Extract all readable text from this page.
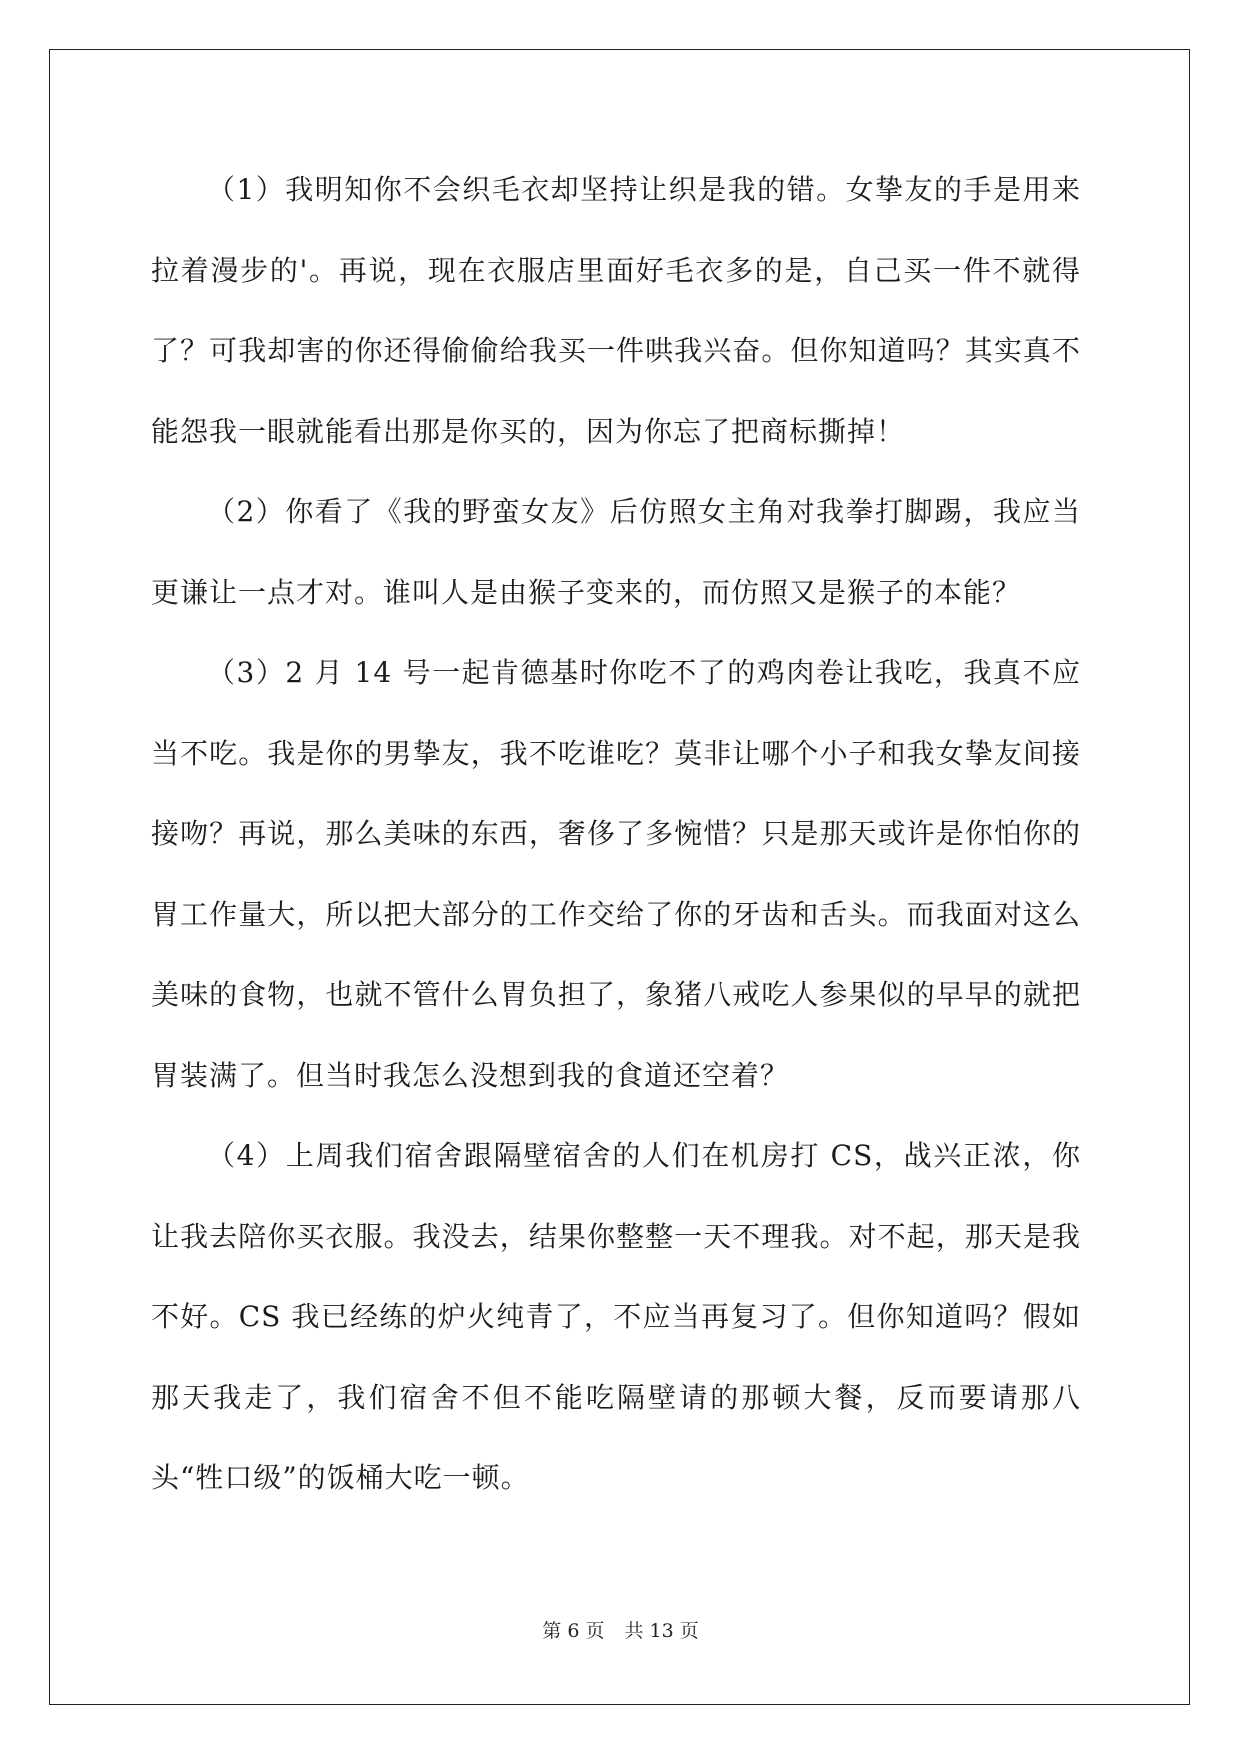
（1）我明知你不会织毛衣却坚持让织是我的错。女挚友的手是用来拉着漫步的'。再说，现在衣服店里面好毛衣多的是，自己买一件不就得了？可我却害的你还得偷偷给我买一件哄我兴奋。但你知道吗？其实真不能怨我一眼就能看出那是你买的，因为你忘了把商标撕掉！

（2）你看了《我的野蛮女友》后仿照女主角对我拳打脚踢，我应当更谦让一点才对。谁叫人是由猴子变来的，而仿照又是猴子的本能？

（3）2 月 14 号一起肯德基时你吃不了的鸡肉卷让我吃，我真不应当不吃。我是你的男挚友，我不吃谁吃？莫非让哪个小子和我女挚友间接接吻？再说，那么美味的东西，奢侈了多惋惜？只是那天或许是你怕你的胃工作量大，所以把大部分的工作交给了你的牙齿和舌头。而我面对这么美味的食物，也就不管什么胃负担了，象猪八戒吃人参果似的早早的就把胃装满了。但当时我怎么没想到我的食道还空着？

（4）上周我们宿舍跟隔壁宿舍的人们在机房打 CS，战兴正浓，你让我去陪你买衣服。我没去，结果你整整一天不理我。对不起，那天是我不好。CS 我已经练的炉火纯青了，不应当再复习了。但你知道吗？假如那天我走了，我们宿舍不但不能吃隔壁请的那顿大餐，反而要请那八头“牲口级”的饭桶大吃一顿。

第 6 页 共 13 页
